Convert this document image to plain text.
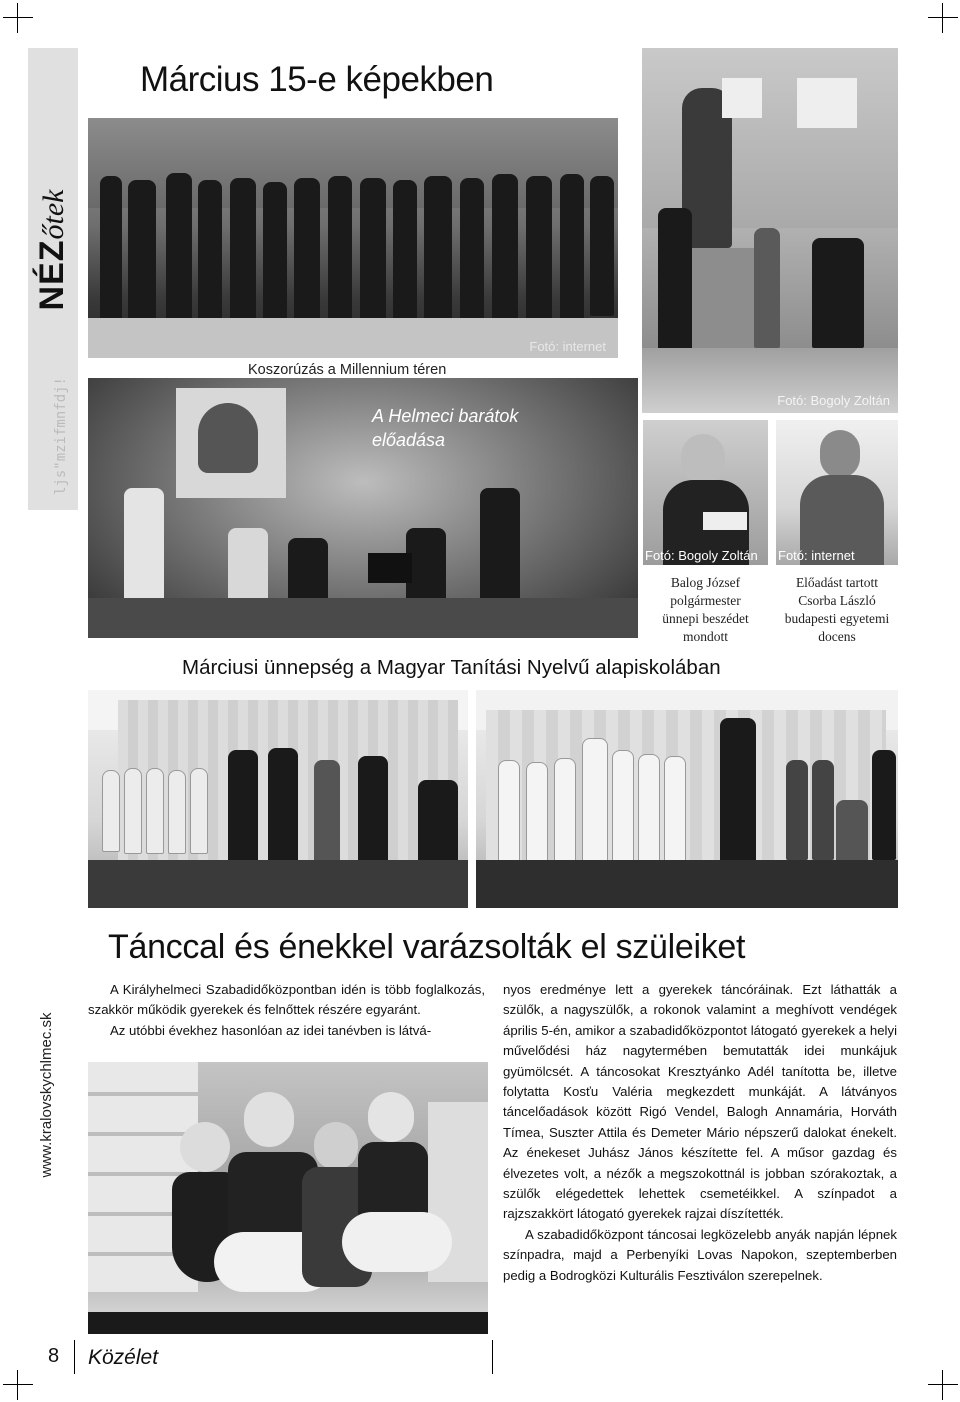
NÉZőtek
ljs"mzifmnfdj!
www.kralovskychlmec.sk
Március 15-e képekben
Fotó: internet
Koszorúzás a Millennium téren
Fotó: Bogoly Zoltán
A Helmeci barátok
előadása
Fotó: Bogoly Zoltán
Balog József
polgármester
ünnepi beszédet
mondott
Fotó: internet
Előadást tartott
Csorba László
budapesti egyetemi
docens
Márciusi ünnepség a Magyar Tanítási Nyelvű alapiskolában
Tánccal és énekkel varázsolták el szüleiket

A Királyhelmeci Szabadidőközpontban idén is több foglalkozás, szakkör működik gyerekek és felnőttek részére egyaránt.

Az utóbbi évekhez hasonlóan az idei tanévben is látvá-

nyos eredménye lett a gyerekek táncóráinak. Ezt láthatták a szülők, a nagyszülők, a rokonok valamint a meghívott vendégek április 5-én, amikor a szabadidőközpontot látogató gyerekek a helyi művelődési ház nagytermében bemutatták idei munkájuk gyümölcsét. A táncosokat Kresztyánko Adél tanította be, illetve folytatta Kosťu Valéria megkezdett munkáját. A látványos táncelőadások között Rigó Vendel, Balogh Annamária, Horváth Tímea, Suszter Attila és Demeter Mário népszerű dalokat énekelt. Az énekeset Juhász János készítette fel. A műsor gazdag és élvezetes volt, a nézők a megszokottnál is jobban szórakoztak, a szülők elégedettek lehettek csemetéikkel. A színpadot a rajzszakkört látogató gyerekek rajzai díszítették.

A szabadidőközpont táncosai legközelebb anyák napján lépnek színpadra, majd a Perbenyíki Lovas Napokon, szeptemberben pedig a Bodrogközi Kulturális Fesztiválon szerepelnek.

8 Közélet
